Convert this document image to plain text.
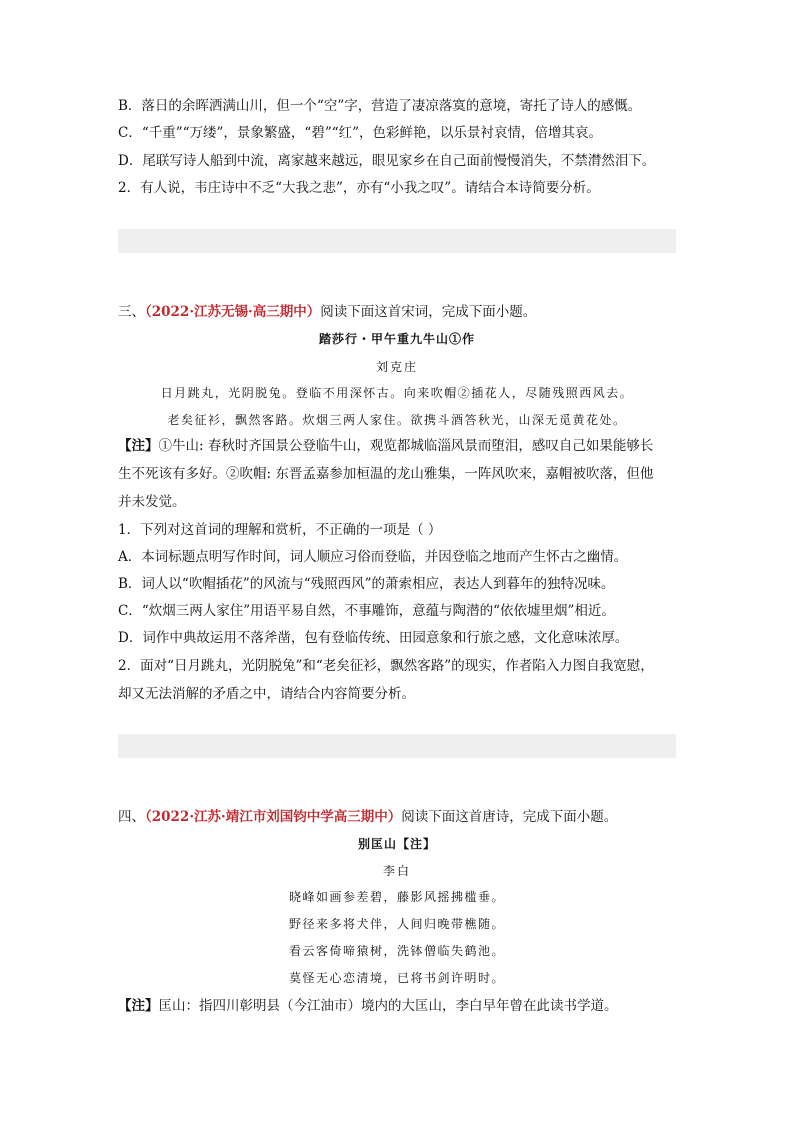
B．落日的余晖洒满山川，但一个“空”字，营造了凄凉落寞的意境，寄托了诗人的感慨。
C．“千重”“万缕”，景象繁盛，“碧”“红”，色彩鲜艳，以乐景衬哀情，倍增其哀。
D．尾联写诗人船到中流，离家越来越远，眼见家乡在自己面前慢慢消失，不禁潸然泪下。
2．有人说，韦庄诗中不乏“大我之悲”，亦有“小我之叹”。请结合本诗简要分析。
三、（2022·江苏无锡·高三期中）阅读下面这首宋词，完成下面小题。
踏莎行・甲午重九牛山①作
刘克庄
日月跳丸，光阴脱兔。登临不用深怀古。向来吹帽②插花人，尽随残照西风去。
老矣征衫，飘然客路。炊烟三两人家住。欲携斗酒答秋光，山深无觅黄花处。
【注】①牛山: 春秋时齐国景公登临牛山，观览都城临淄风景而堕泪，感叹自己如果能够长
生不死该有多好。②吹帽: 东晋孟嘉参加桓温的龙山雅集，一阵风吹来，嘉帽被吹落，但他
并未发觉。
1．下列对这首词的理解和赏析，不正确的一项是（ ）
A．本词标题点明写作时间，词人顺应习俗而登临，并因登临之地而产生怀古之幽情。
B．词人以“吹帽插花”的风流与“残照西风”的萧索相应，表达人到暮年的独特况味。
C．“炊烟三两人家住”用语平易自然，不事雕饰，意蕴与陶潜的“依依墟里烟”相近。
D．词作中典故运用不落斧凿，包有登临传统、田园意象和行旅之感，文化意味浓厚。
2．面对“日月跳丸，光阴脱兔”和“老矣征衫，飘然客路”的现实，作者陷入力图自我宽慰，
却又无法消解的矛盾之中，请结合内容简要分析。
四、（2022·江苏·靖江市刘国钧中学高三期中）阅读下面这首唐诗，完成下面小题。
别匡山【注】
李白
晓峰如画参差碧，藤影风摇拂槛垂。
野径来多将犬伴，人间归晚带樵随。
看云客倚啼猿树，洗钵僧临失鹤池。
莫怪无心恋清境，已将书剑许明时。
【注】匡山：指四川彰明县（今江油市）境内的大匡山，李白早年曾在此读书学道。
